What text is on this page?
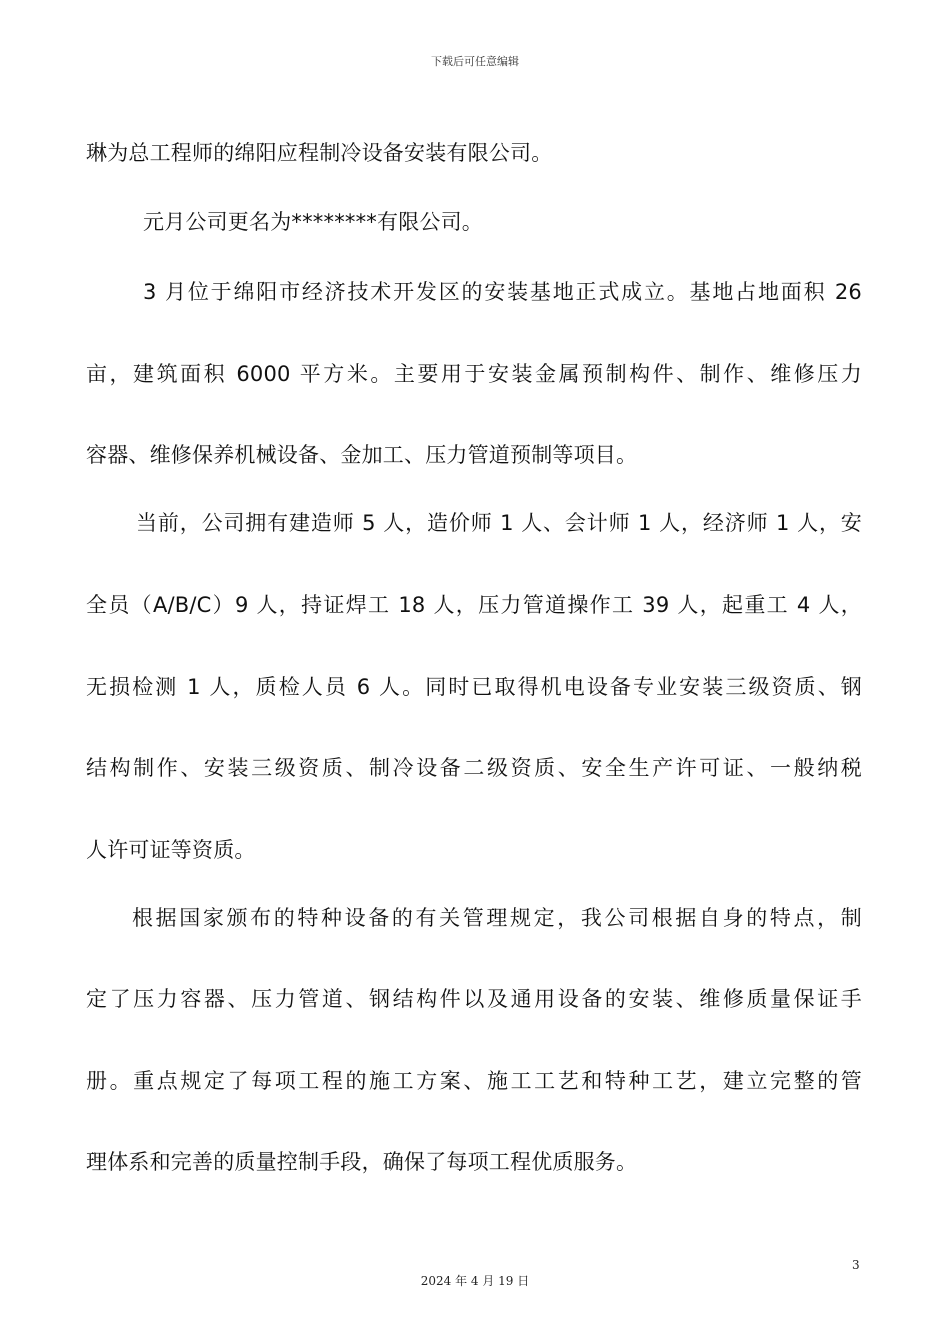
下载后可任意编辑
琳为总工程师的绵阳应程制冷设备安装有限公司。
元月公司更名为********有限公司。
3 月位于绵阳市经济技术开发区的安装基地正式成立。基地占地面积 26
亩，建筑面积 6000 平方米。主要用于安装金属预制构件、制作、维修压力
容器、维修保养机械设备、金加工、压力管道预制等项目。
当前，公司拥有建造师 5 人，造价师 1 人、会计师 1 人，经济师 1 人，安
全员（A/B/C）9 人，持证焊工 18 人，压力管道操作工 39 人，起重工 4 人，
无损检测 1 人，质检人员 6 人。同时已取得机电设备专业安装三级资质、钢
结构制作、安装三级资质、制冷设备二级资质、安全生产许可证、一般纳税
人许可证等资质。
根据国家颁布的特种设备的有关管理规定，我公司根据自身的特点，制
定了压力容器、压力管道、钢结构件以及通用设备的安装、维修质量保证手
册。重点规定了每项工程的施工方案、施工工艺和特种工艺，建立完整的管
理体系和完善的质量控制手段，确保了每项工程优质服务。
3
2024 年 4 月 19 日
